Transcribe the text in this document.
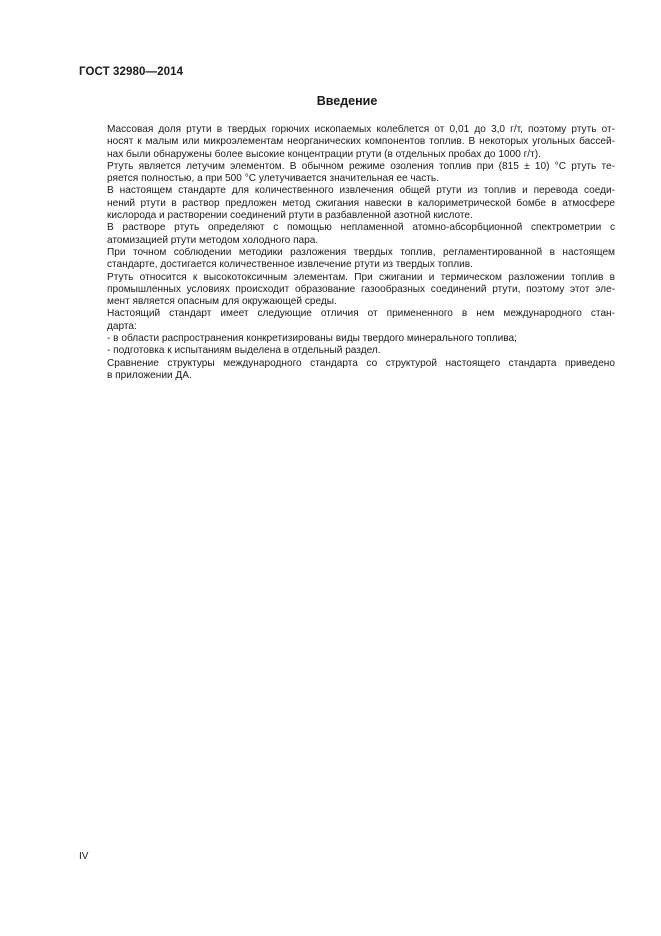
ГОСТ 32980—2014
Введение

Массовая доля ртути в твердых горючих ископаемых колеблется от 0,01 до 3,0 г/т, поэтому ртуть от-
носят к малым или микроэлементам неорганических компонентов топлив. В некоторых угольных бассей-
нах были обнаружены более высокие концентрации ртути (в отдельных пробах до 1000 г/т).

Ртуть является летучим элементом. В обычном режиме озоления топлив при (815 ± 10) °С ртуть те-
ряется полностью, а при 500 °С улетучивается значительная ее часть.

В настоящем стандарте для количественного извлечения общей ртути из топлив и перевода соеди-
нений ртути в раствор предложен метод сжигания навески в калориметрической бомбе в атмосфере
кислорода и растворении соединений ртути в разбавленной азотной кислоте.

В растворе ртуть определяют с помощью непламенной атомно-абсорбционной спектрометрии с
атомизацией ртути методом холодного пара.

При точном соблюдении методики разложения твердых топлив, регламентированной в настоящем
стандарте, достигается количественное извлечение ртути из твердых топлив.

Ртуть относится к высокотоксичным элементам. При сжигании и термическом разложении топлив в
промышленных условиях происходит образование газообразных соединений ртути, поэтому этот эле-
мент является опасным для окружающей среды.

Настоящий стандарт имеет следующие отличия от примененного в нем международного стан-
дарта:

- в области распространения конкретизированы виды твердого минерального топлива;

- подготовка к испытаниям выделена в отдельный раздел.

Сравнение структуры международного стандарта со структурой настоящего стандарта приведено
в приложении ДА.

IV
